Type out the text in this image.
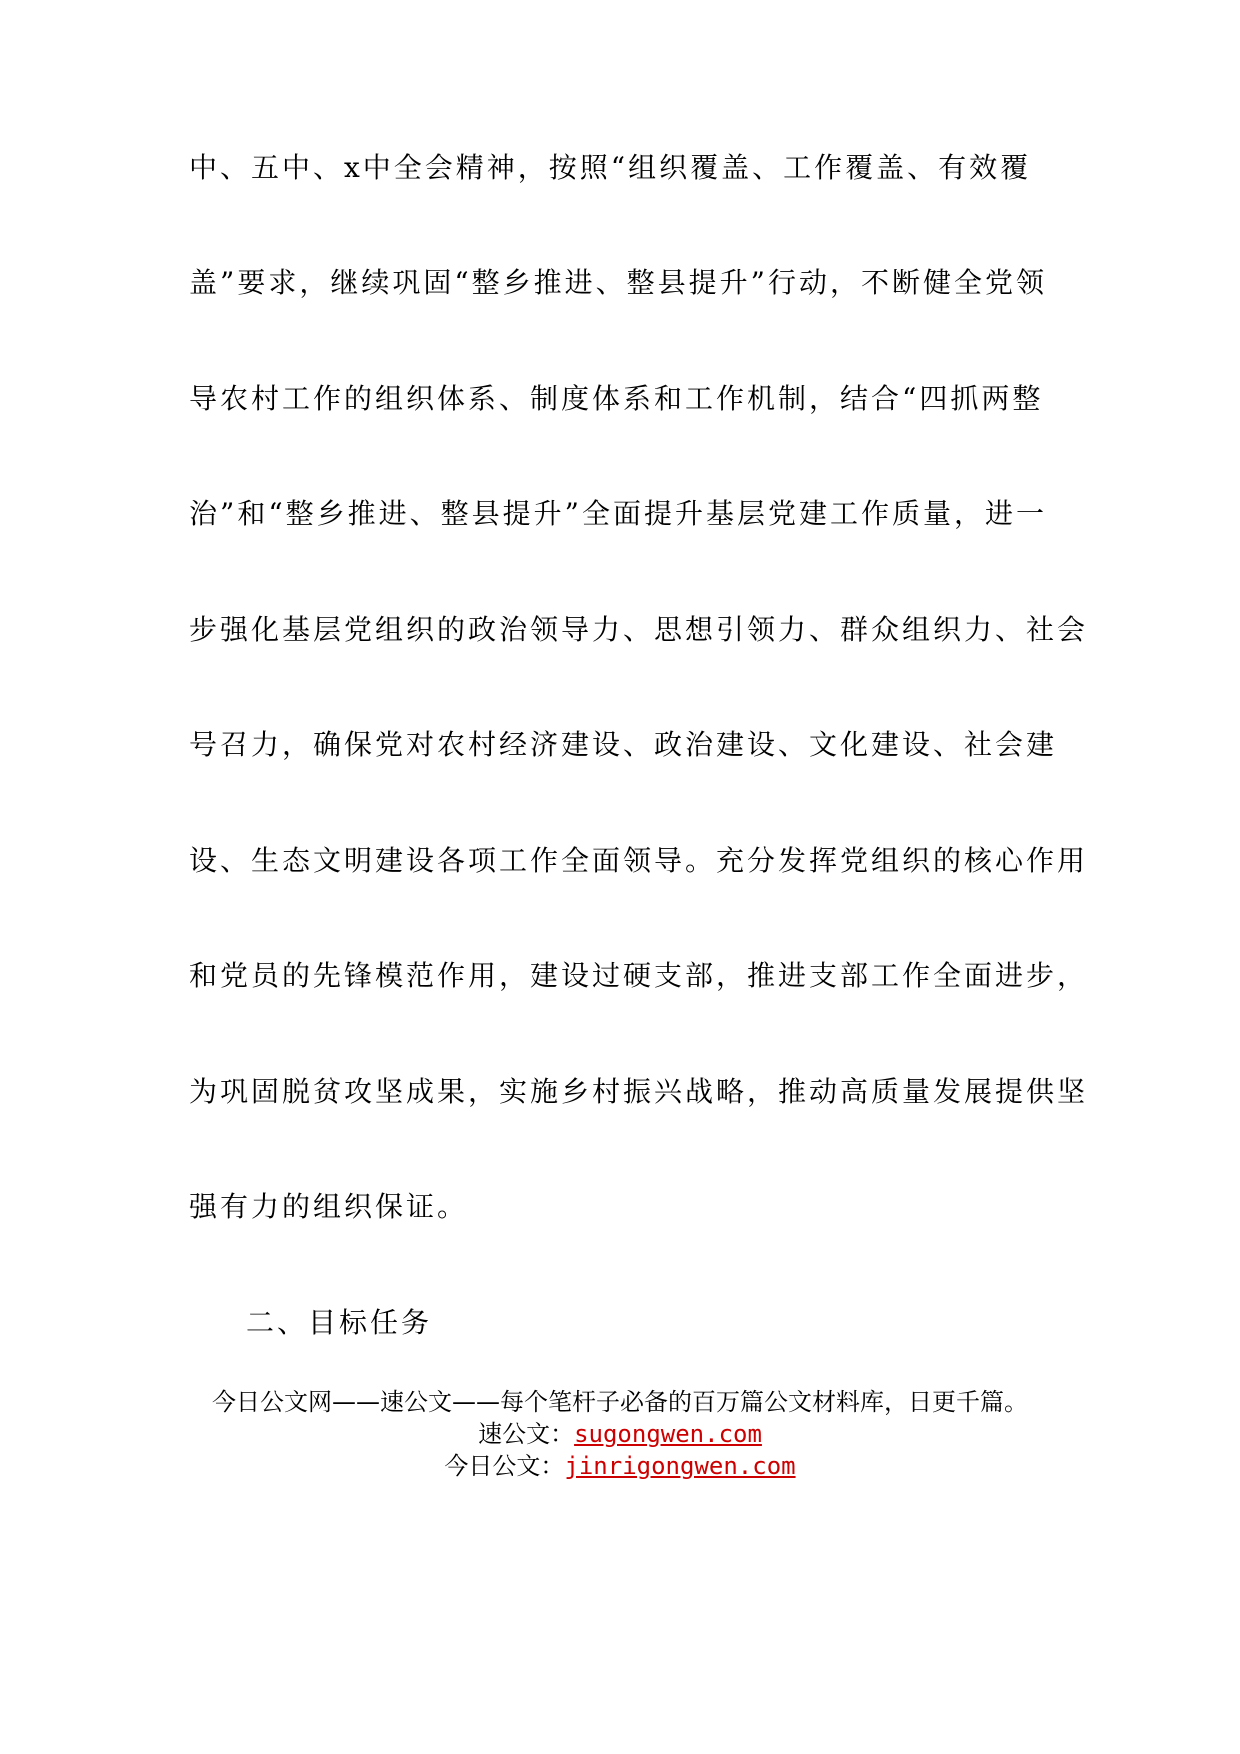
中、五中、x中全会精神，按照“组织覆盖、工作覆盖、有效覆
盖”要求，继续巩固“整乡推进、整县提升”行动，不断健全党领
导农村工作的组织体系、制度体系和工作机制，结合“四抓两整
治”和“整乡推进、整县提升”全面提升基层党建工作质量，进一
步强化基层党组织的政治领导力、思想引领力、群众组织力、社会
号召力，确保党对农村经济建设、政治建设、文化建设、社会建
设、生态文明建设各项工作全面领导。充分发挥党组织的核心作用
和党员的先锋模范作用，建设过硬支部，推进支部工作全面进步，
为巩固脱贫攻坚成果，实施乡村振兴战略，推动高质量发展提供坚
强有力的组织保证。
二、目标任务
今日公文网——速公文——每个笔杆子必备的百万篇公文材料库，日更千篇。
速公文：sugongwen.com
今日公文：jinrigongwen.com
